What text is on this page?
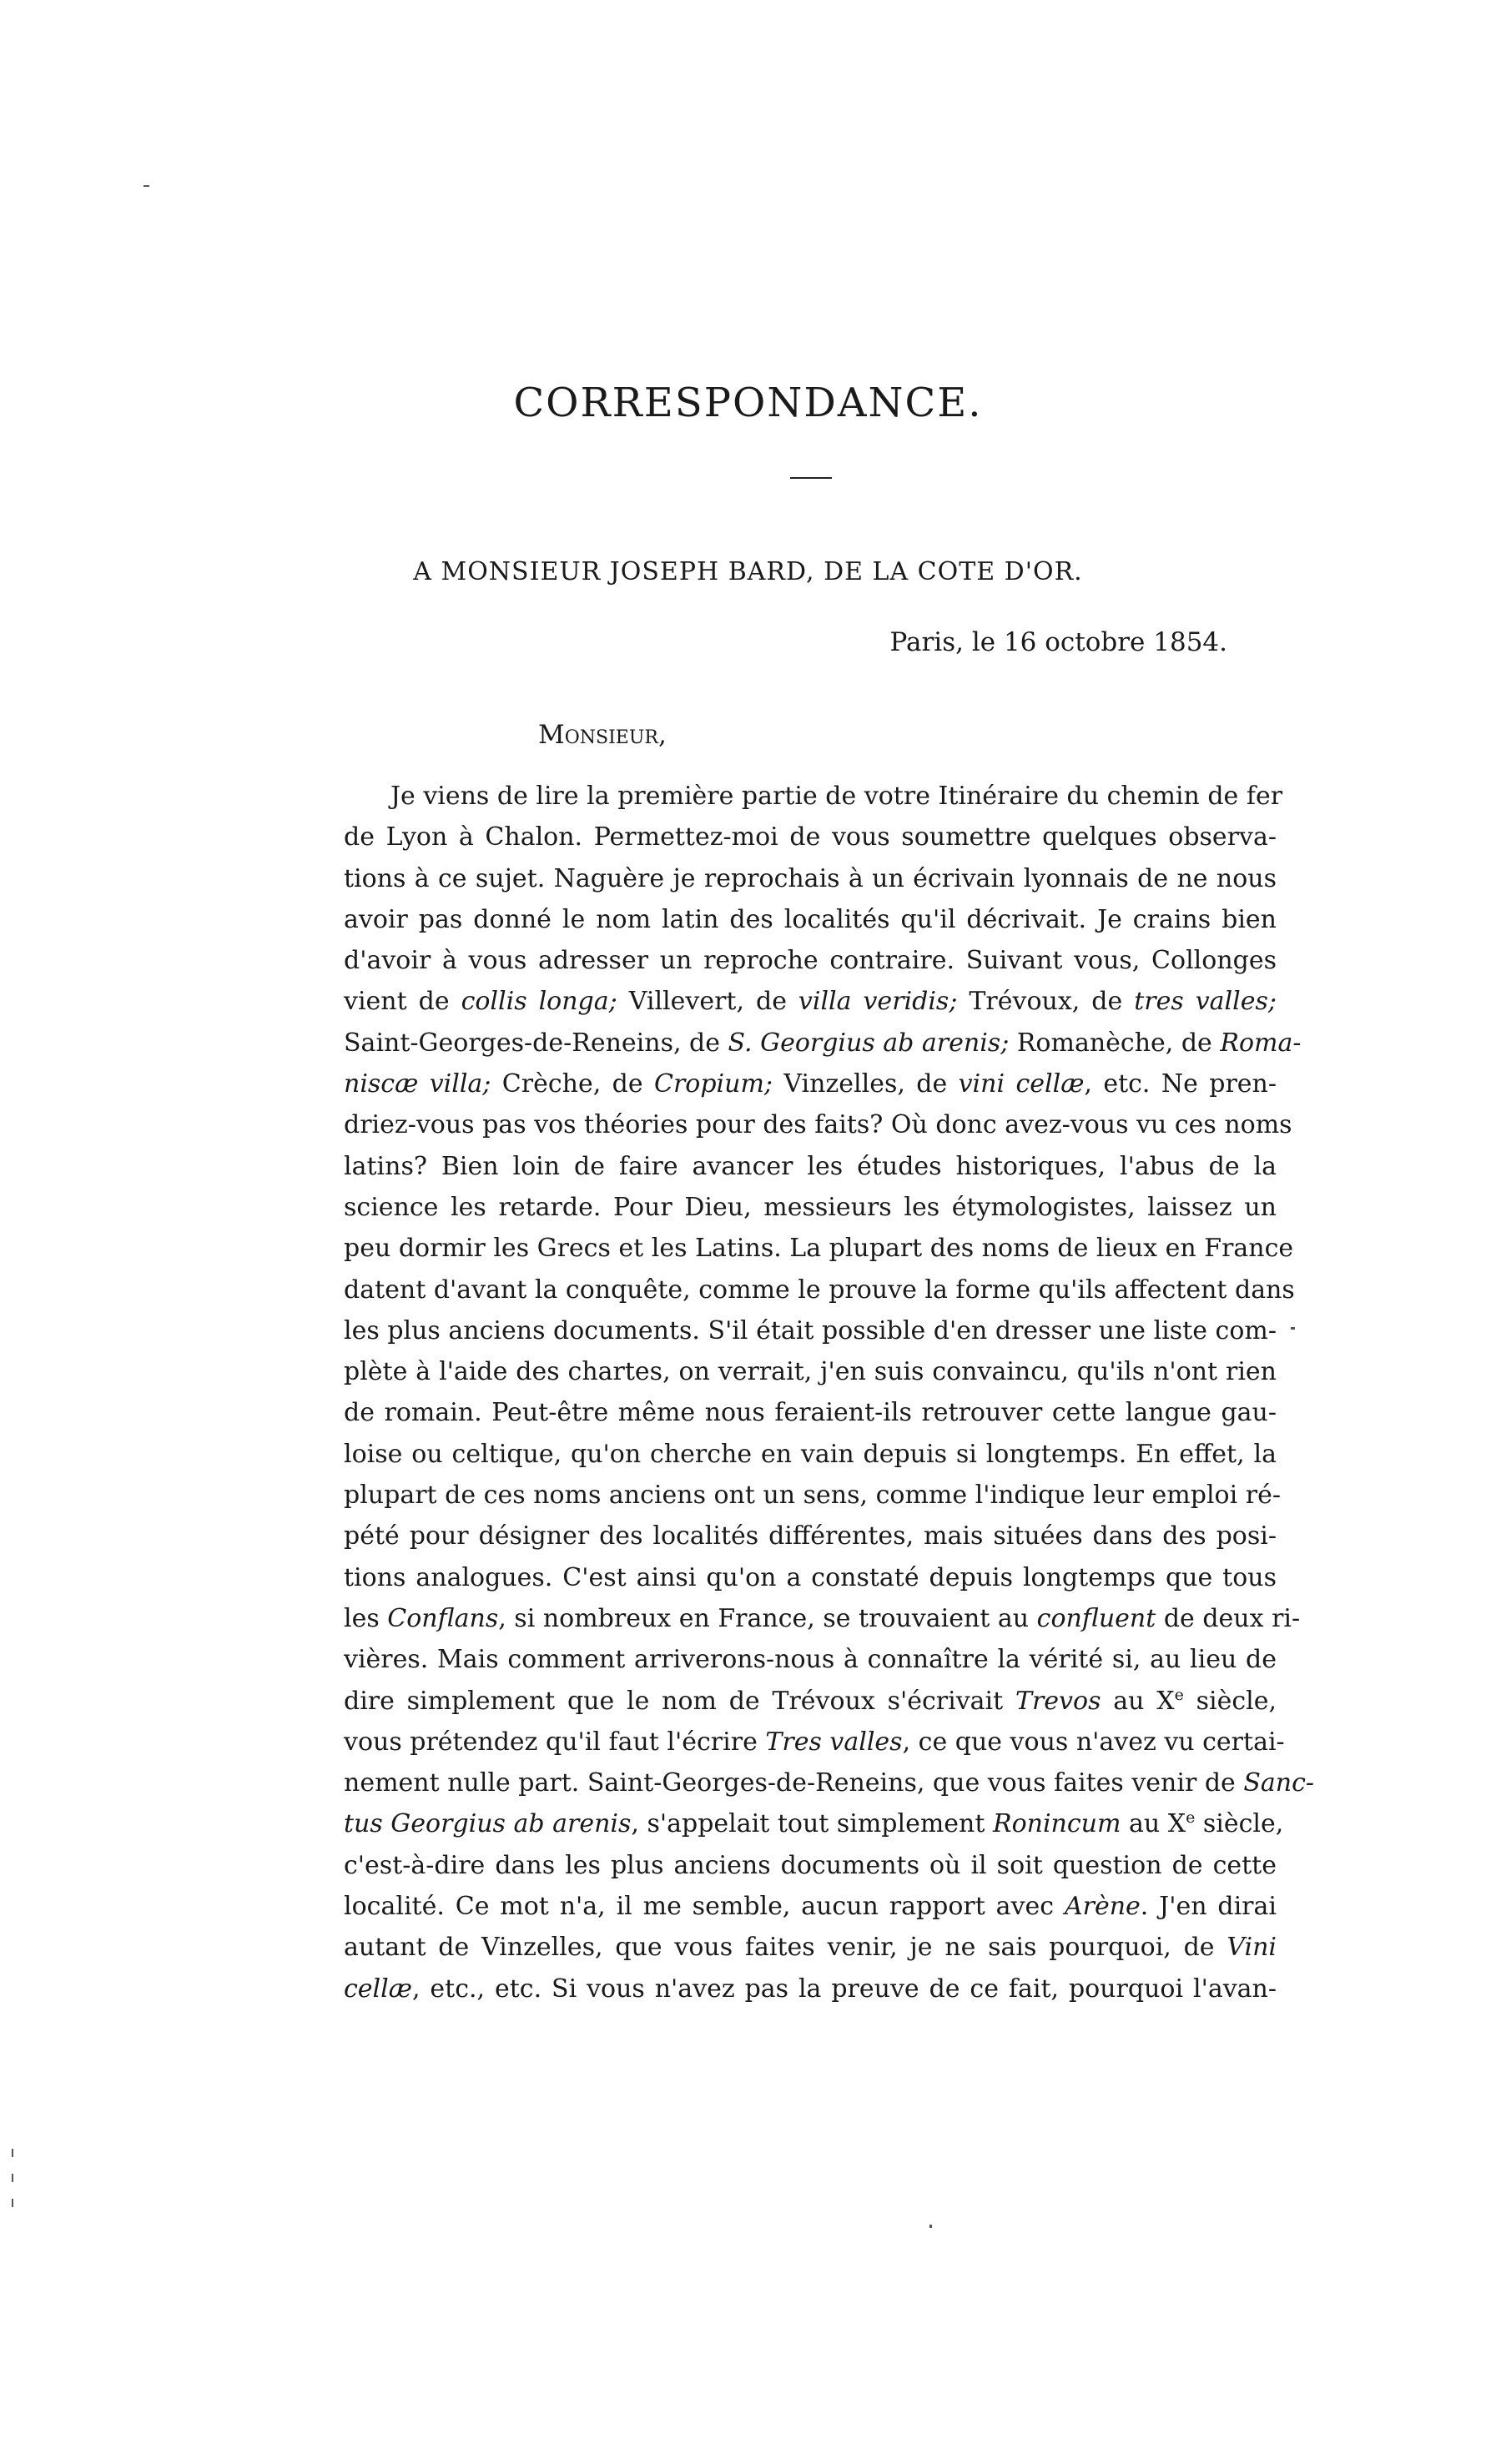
CORRESPONDANCE.
A MONSIEUR JOSEPH BARD, DE LA COTE D'OR.
Paris, le 16 octobre 1854.
Monsieur,
Je viens de lire la première partie de votre Itinéraire du chemin de fer
de Lyon à Chalon. Permettez-moi de vous soumettre quelques observa-
tions à ce sujet. Naguère je reprochais à un écrivain lyonnais de ne nous
avoir pas donné le nom latin des localités qu'il décrivait. Je crains bien
d'avoir à vous adresser un reproche contraire. Suivant vous, Collonges
vient de collis longa; Villevert, de villa veridis; Trévoux, de tres valles;
Saint-Georges-de-Reneins, de S. Georgius ab arenis; Romanèche, de Roma-
niscæ villa; Crèche, de Cropium; Vinzelles, de vini cellæ, etc. Ne pren-
driez-vous pas vos théories pour des faits? Où donc avez-vous vu ces noms
latins? Bien loin de faire avancer les études historiques, l'abus de la
science les retarde. Pour Dieu, messieurs les étymologistes, laissez un
peu dormir les Grecs et les Latins. La plupart des noms de lieux en France
datent d'avant la conquête, comme le prouve la forme qu'ils affectent dans
les plus anciens documents. S'il était possible d'en dresser une liste com-
plète à l'aide des chartes, on verrait, j'en suis convaincu, qu'ils n'ont rien
de romain. Peut-être même nous feraient-ils retrouver cette langue gau-
loise ou celtique, qu'on cherche en vain depuis si longtemps. En effet, la
plupart de ces noms anciens ont un sens, comme l'indique leur emploi ré-
pété pour désigner des localités différentes, mais situées dans des posi-
tions analogues. C'est ainsi qu'on a constaté depuis longtemps que tous
les Conflans, si nombreux en France, se trouvaient au confluent de deux ri-
vières. Mais comment arriverons-nous à connaître la vérité si, au lieu de
dire simplement que le nom de Trévoux s'écrivait Trevos au Xe siècle,
vous prétendez qu'il faut l'écrire Tres valles, ce que vous n'avez vu certai-
nement nulle part. Saint-Georges-de-Reneins, que vous faites venir de Sanc-
tus Georgius ab arenis, s'appelait tout simplement Ronincum au Xe siècle,
c'est-à-dire dans les plus anciens documents où il soit question de cette
localité. Ce mot n'a, il me semble, aucun rapport avec Arène. J'en dirai
autant de Vinzelles, que vous faites venir, je ne sais pourquoi, de Vini
cellæ, etc., etc. Si vous n'avez pas la preuve de ce fait, pourquoi l'avan-
